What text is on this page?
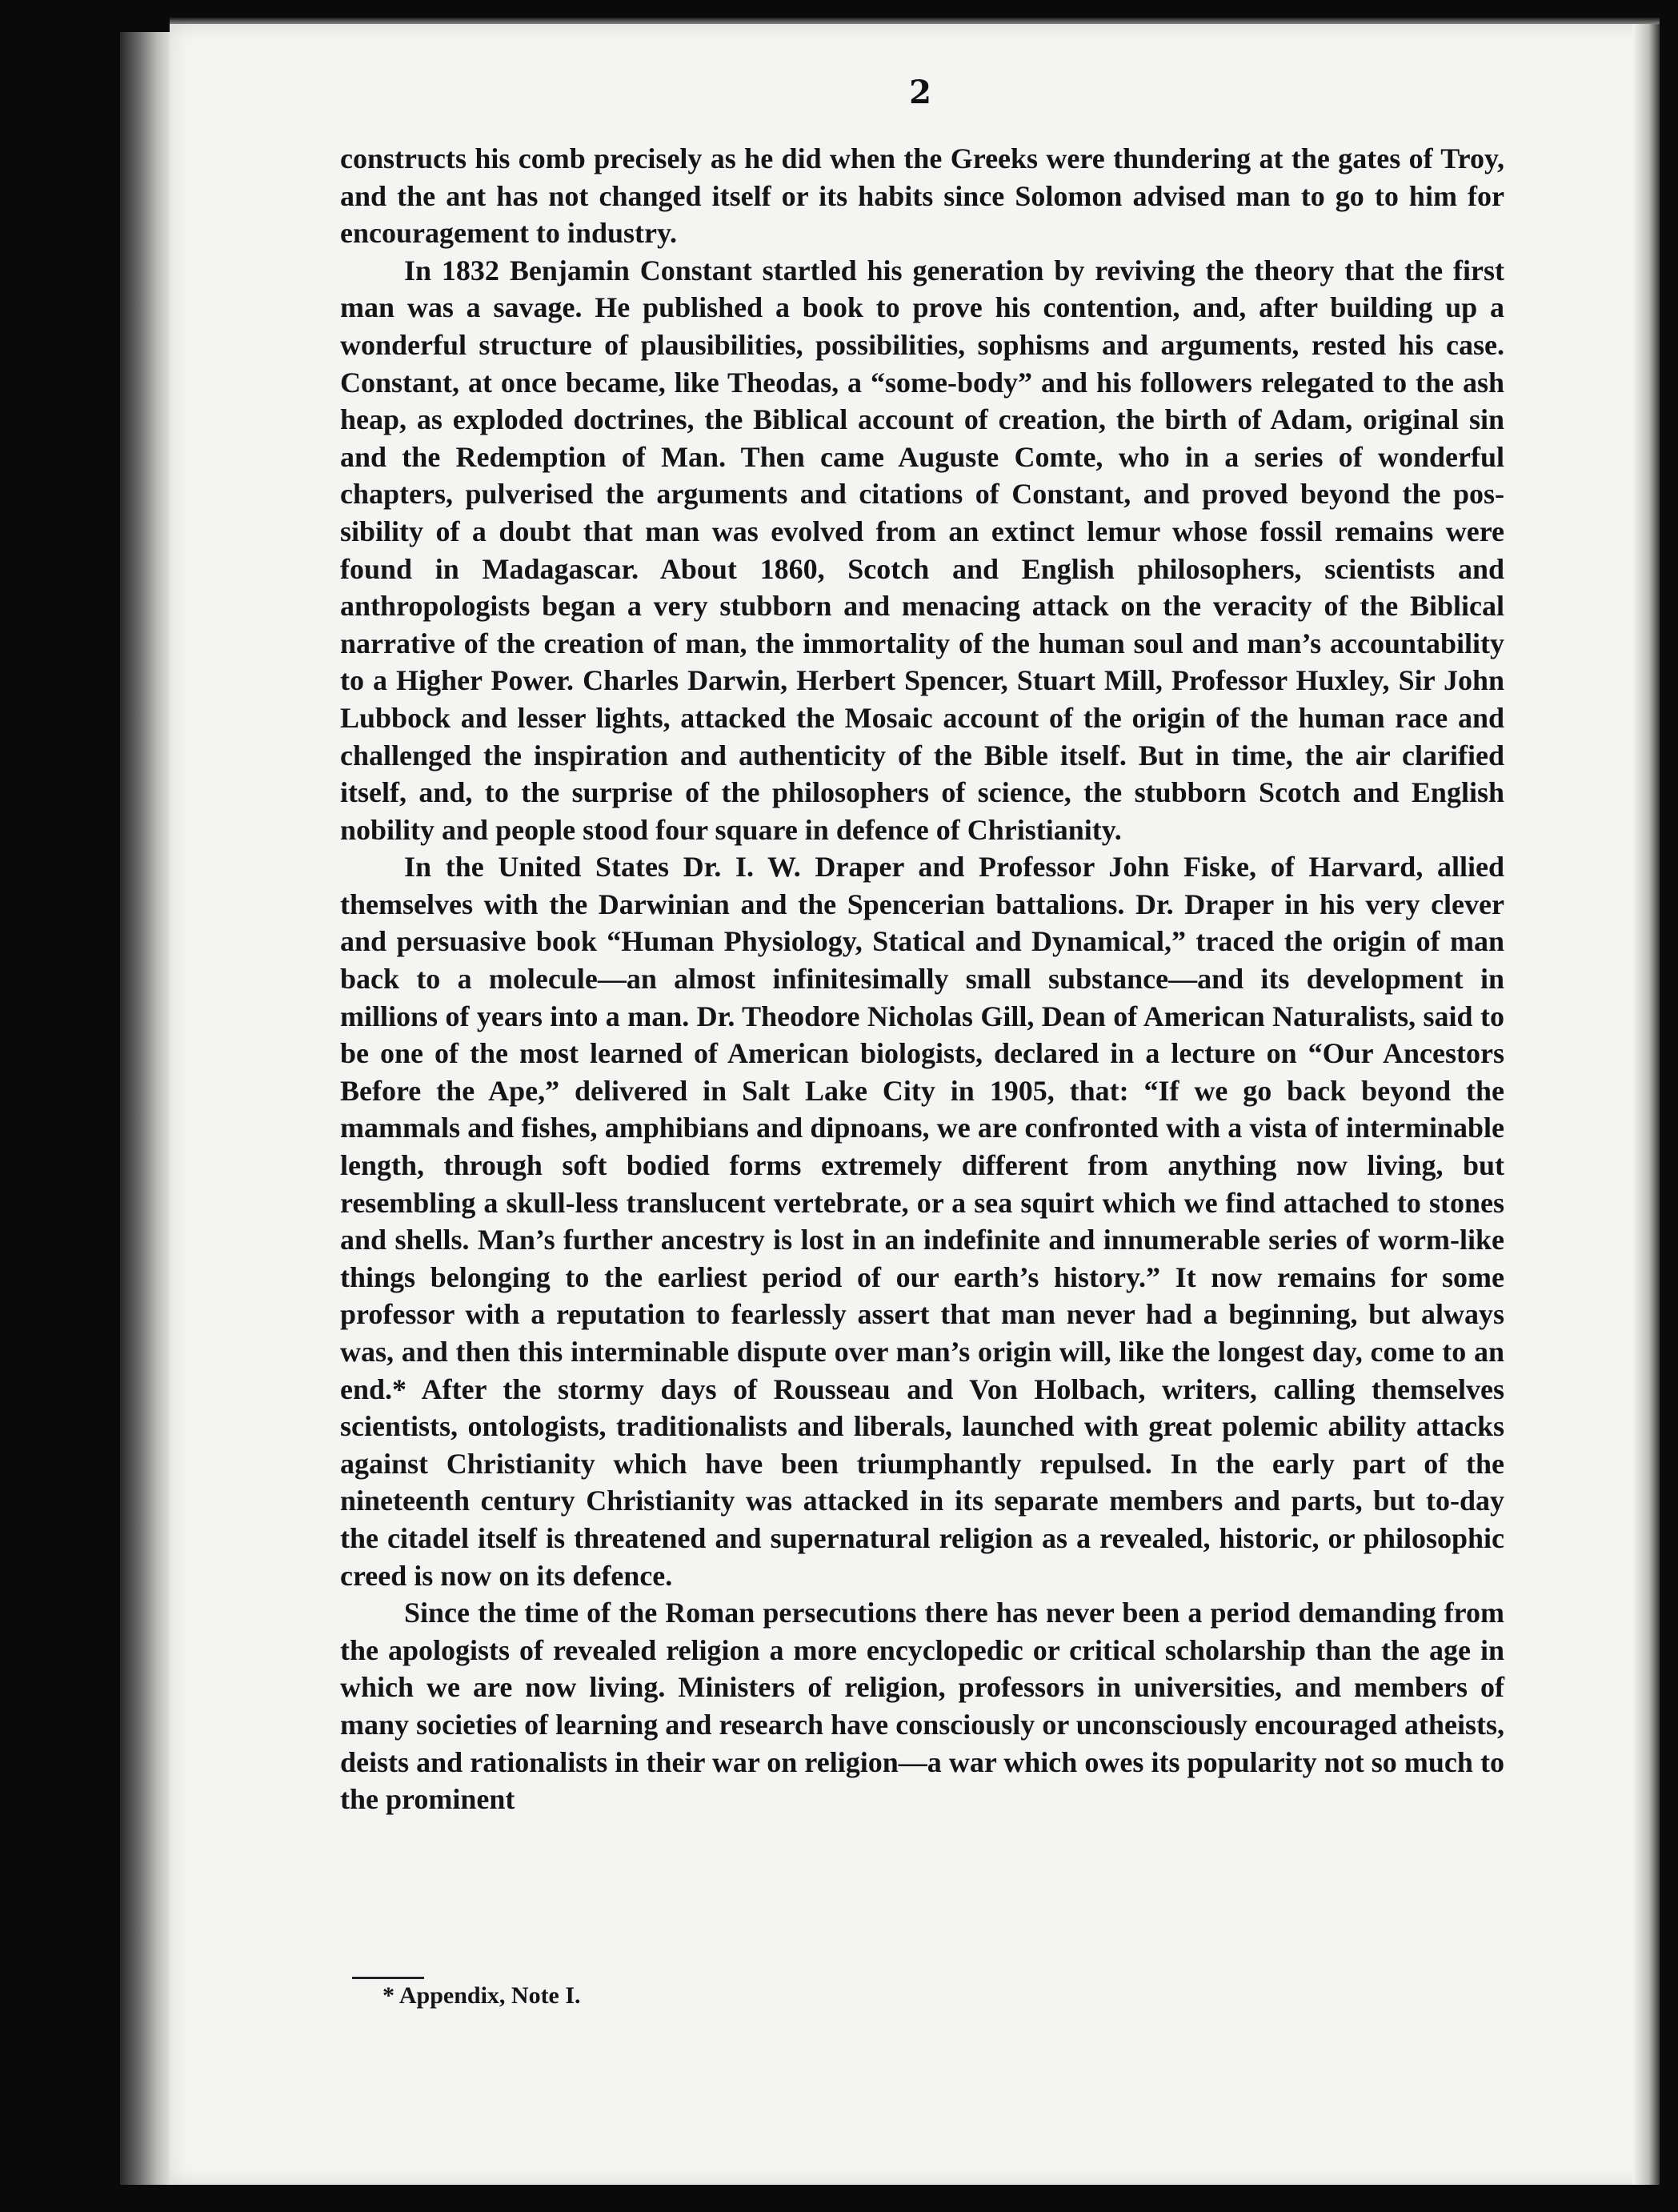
2

constructs his comb precisely as he did when the Greeks were thundering at the gates of Troy, and the ant has not changed itself or its habits since Solomon advised man to go to him for encouragement to industry.

In 1832 Benjamin Constant startled his generation by reviving the theory that the first man was a savage. He published a book to prove his contention, and, after building up a wonderful structure of plausibilities, possibilities, sophisms and arguments, rested his case. Constant, at once became, like Theodas, a “some-body” and his followers relegated to the ash heap, as exploded doctrines, the Biblical account of creation, the birth of Adam, original sin and the Redemption of Man. Then came Auguste Comte, who in a series of wonderful chapters, pulverised the arguments and citations of Constant, and proved beyond the pos-sibility of a doubt that man was evolved from an extinct lemur whose fossil remains were found in Madagascar. About 1860, Scotch and English philosophers, scientists and anthropologists began a very stubborn and menacing attack on the veracity of the Biblical narrative of the creation of man, the immortality of the human soul and man’s accountability to a Higher Power. Charles Darwin, Herbert Spencer, Stuart Mill, Professor Huxley, Sir John Lubbock and lesser lights, attacked the Mosaic account of the origin of the human race and challenged the inspiration and authenticity of the Bible itself. But in time, the air clarified itself, and, to the surprise of the philosophers of science, the stubborn Scotch and English nobility and people stood four square in defence of Christianity.

In the United States Dr. I. W. Draper and Professor John Fiske, of Harvard, allied themselves with the Darwinian and the Spencerian battalions. Dr. Draper in his very clever and persuasive book “Human Physiology, Statical and Dynamical,” traced the origin of man back to a molecule—an almost infinitesimally small substance—and its development in millions of years into a man. Dr. Theodore Nicholas Gill, Dean of American Naturalists, said to be one of the most learned of American biologists, declared in a lecture on “Our Ancestors Before the Ape,” delivered in Salt Lake City in 1905, that: “If we go back beyond the mammals and fishes, amphibians and dipnoans, we are confronted with a vista of interminable length, through soft bodied forms extremely different from anything now living, but resembling a skull-less translucent vertebrate, or a sea squirt which we find attached to stones and shells. Man’s further ancestry is lost in an indefinite and innumerable series of worm-like things belonging to the earliest period of our earth’s history.” It now remains for some professor with a reputation to fearlessly assert that man never had a beginning, but always was, and then this interminable dispute over man’s origin will, like the longest day, come to an end.* After the stormy days of Rousseau and Von Holbach, writers, calling themselves scientists, ontologists, traditionalists and liberals, launched with great polemic ability attacks against Christianity which have been triumphantly repulsed. In the early part of the nineteenth century Christianity was attacked in its separate members and parts, but to-day the citadel itself is threatened and supernatural religion as a revealed, historic, or philosophic creed is now on its defence.

Since the time of the Roman persecutions there has never been a period demanding from the apologists of revealed religion a more encyclopedic or critical scholarship than the age in which we are now living. Ministers of religion, professors in universities, and members of many societies of learning and research have consciously or unconsciously encouraged atheists, deists and rationalists in their war on religion—a war which owes its popularity not so much to the prominent

* Appendix, Note I.
